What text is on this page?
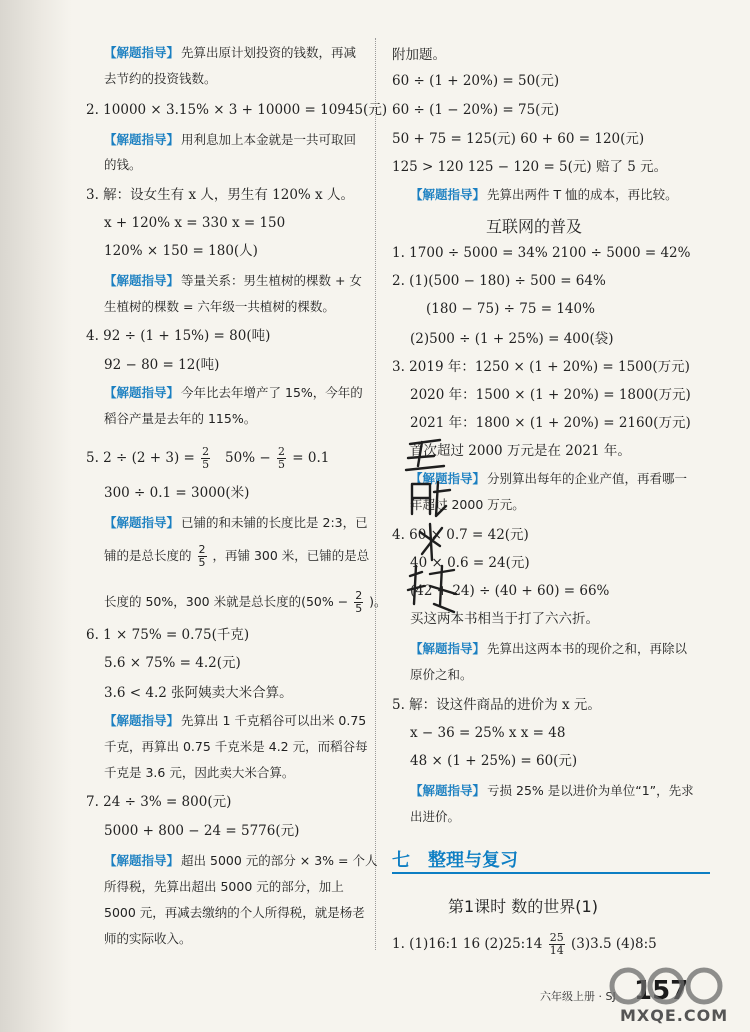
【解题指导】 先算出原计划投资的钱数，再减
去节约的投资钱数。
2. 10000 × 3.15% × 3 + 10000 = 10945(元)
【解题指导】 用利息加上本金就是一共可取回
的钱。
3. 解：设女生有 x 人，男生有 120% x 人。
x + 120% x = 330 x = 150
120% × 150 = 180(人)
【解题指导】 等量关系：男生植树的棵数 + 女
生植树的棵数 = 六年级一共植树的棵数。
4. 92 ÷ (1 + 15%) = 80(吨)
92 − 80 = 12(吨)
【解题指导】 今年比去年增产了 15%，今年的
稻谷产量是去年的 115%。
5. $2 \div (2 + 3) = \frac{2}{5} 50\% - \frac{2}{5} = 0.1$
300 ÷ 0.1 = 3000(米)
【解题指导】 已铺的和未铺的长度比是 2:3，已
铺的是总长度的 $\frac{2}{5}$ ，再铺 300 米，已铺的是总
长度的 50%，300 米就是总长度的($50\% - \frac{2}{5}$ )。
6. 1 × 75% = 0.75(千克)
5.6 × 75% = 4.2(元)
3.6 < 4.2 张阿姨卖大米合算。
【解题指导】 先算出 1 千克稻谷可以出米 0.75
千克，再算出 0.75 千克米是 4.2 元，而稻谷每
千克是 3.6 元，因此卖大米合算。
7. 24 ÷ 3% = 800(元)
5000 + 800 − 24 = 5776(元)
【解题指导】 超出 5000 元的部分 × 3% = 个人
所得税，先算出超出 5000 元的部分，加上
5000 元，再减去缴纳的个人所得税，就是杨老
师的实际收入。
附加题。
60 ÷ (1 + 20%) = 50(元)
60 ÷ (1 − 20%) = 75(元)
50 + 75 = 125(元) 60 + 60 = 120(元)
125 > 120 125 − 120 = 5(元) 赔了 5 元。
【解题指导】 先算出两件 T 恤的成本，再比较。
互联网的普及
1. 1700 ÷ 5000 = 34% 2100 ÷ 5000 = 42%
2. (1)(500 − 180) ÷ 500 = 64%
(180 − 75) ÷ 75 = 140%
(2)500 ÷ (1 + 25%) = 400(袋)
3. 2019 年：1250 × (1 + 20%) = 1500(万元)
2020 年：1500 × (1 + 20%) = 1800(万元)
2021 年：1800 × (1 + 20%) = 2160(万元)
首次超过 2000 万元是在 2021 年。
【解题指导】 分别算出每年的企业产值，再看哪一
年超过 2000 万元。
4. 60 × 0.7 = 42(元)
40 × 0.6 = 24(元)
(42 + 24) ÷ (40 + 60) = 66%
买这两本书相当于打了六六折。
【解题指导】 先算出这两本书的现价之和，再除以
原价之和。
5. 解：设这件商品的进价为 x 元。
x − 36 = 25% x x = 48
48 × (1 + 25%) = 60(元)
【解题指导】 亏损 25% 是以进价为单位“1”，先求
出进价。
第1课时 数的世界(1)
1. (1)16:1 16 (2)25:14 $\frac{25}{14} (3)3.5$ (4)8:5
七 整理与复习
六年级上册 · SJ 157
MXQE.COM
